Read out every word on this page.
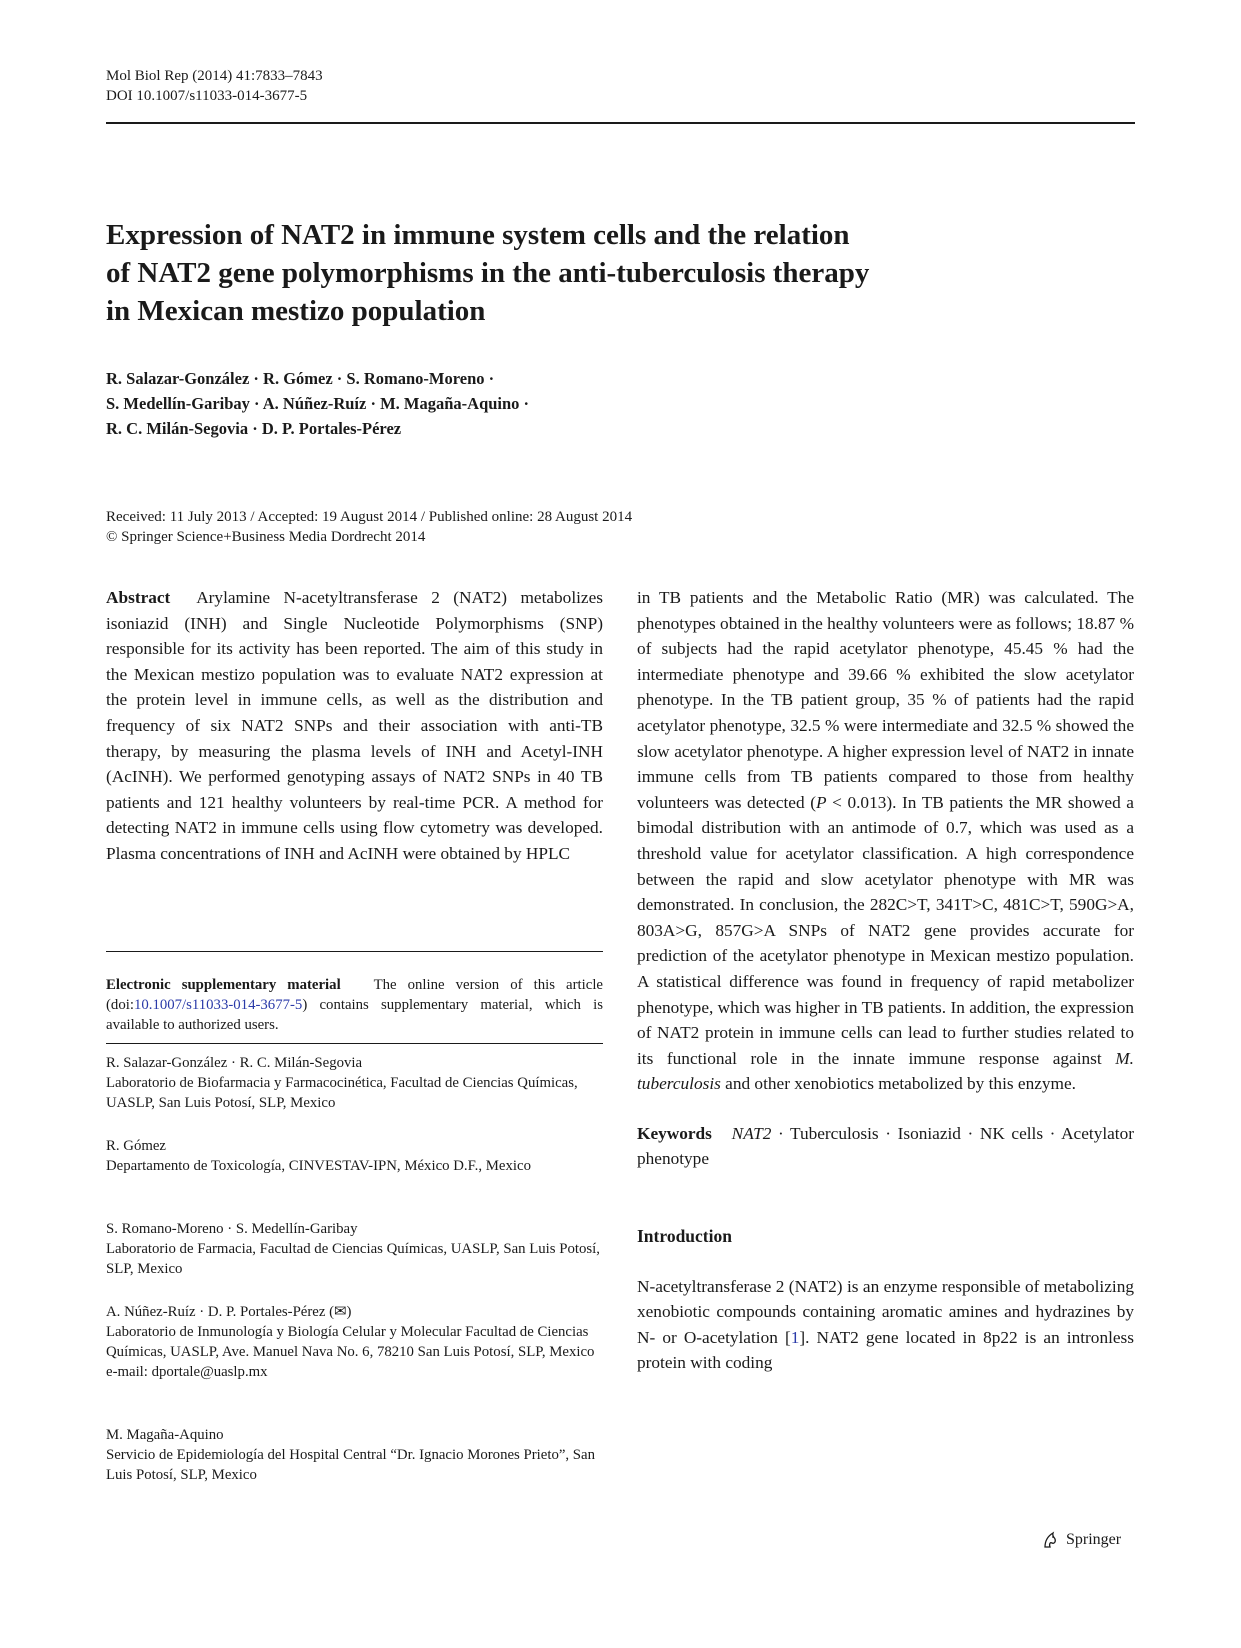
Mol Biol Rep (2014) 41:7833–7843
DOI 10.1007/s11033-014-3677-5
Expression of NAT2 in immune system cells and the relation
of NAT2 gene polymorphisms in the anti-tuberculosis therapy
in Mexican mestizo population
R. Salazar-González · R. Gómez · S. Romano-Moreno ·
S. Medellín-Garibay · A. Núñez-Ruíz · M. Magaña-Aquino ·
R. C. Milán-Segovia · D. P. Portales-Pérez
Received: 11 July 2013 / Accepted: 19 August 2014 / Published online: 28 August 2014
© Springer Science+Business Media Dordrecht 2014

Abstract Arylamine N-acetyltransferase 2 (NAT2) metabolizes isoniazid (INH) and Single Nucleotide Polymorphisms (SNP) responsible for its activity has been reported. The aim of this study in the Mexican mestizo population was to evaluate NAT2 expression at the protein level in immune cells, as well as the distribution and frequency of six NAT2 SNPs and their association with anti-TB therapy, by measuring the plasma levels of INH and Acetyl-INH (AcINH). We performed genotyping assays of NAT2 SNPs in 40 TB patients and 121 healthy volunteers by real-time PCR. A method for detecting NAT2 in immune cells using flow cytometry was developed. Plasma concentrations of INH and AcINH were obtained by HPLC

Electronic supplementary material The online version of this article (doi:10.1007/s11033-014-3677-5) contains supplementary material, which is available to authorized users.
R. Salazar-González · R. C. Milán-Segovia
Laboratorio de Biofarmacia y Farmacocinética, Facultad de Ciencias Químicas, UASLP, San Luis Potosí, SLP, Mexico
R. Gómez
Departamento de Toxicología, CINVESTAV-IPN, México D.F., Mexico
S. Romano-Moreno · S. Medellín-Garibay
Laboratorio de Farmacia, Facultad de Ciencias Químicas, UASLP, San Luis Potosí, SLP, Mexico
A. Núñez-Ruíz · D. P. Portales-Pérez (✉)
Laboratorio de Inmunología y Biología Celular y Molecular Facultad de Ciencias Químicas, UASLP, Ave. Manuel Nava No. 6, 78210 San Luis Potosí, SLP, Mexico
e-mail: dportale@uaslp.mx
M. Magaña-Aquino
Servicio de Epidemiología del Hospital Central “Dr. Ignacio Morones Prieto”, San Luis Potosí, SLP, Mexico

in TB patients and the Metabolic Ratio (MR) was calculated. The phenotypes obtained in the healthy volunteers were as follows; 18.87 % of subjects had the rapid acetylator phenotype, 45.45 % had the intermediate phenotype and 39.66 % exhibited the slow acetylator phenotype. In the TB patient group, 35 % of patients had the rapid acetylator phenotype, 32.5 % were intermediate and 32.5 % showed the slow acetylator phenotype. A higher expression level of NAT2 in innate immune cells from TB patients compared to those from healthy volunteers was detected (P < 0.013). In TB patients the MR showed a bimodal distribution with an antimode of 0.7, which was used as a threshold value for acetylator classification. A high correspondence between the rapid and slow acetylator phenotype with MR was demonstrated. In conclusion, the 282C>T, 341T>C, 481C>T, 590G>A, 803A>G, 857G>A SNPs of NAT2 gene provides accurate for prediction of the acetylator phenotype in Mexican mestizo population. A statistical difference was found in frequency of rapid metabolizer phenotype, which was higher in TB patients. In addition, the expression of NAT2 protein in immune cells can lead to further studies related to its functional role in the innate immune response against M. tuberculosis and other xenobiotics metabolized by this enzyme.

Keywords NAT2 · Tuberculosis · Isoniazid · NK cells · Acetylator phenotype

Introduction

N-acetyltransferase 2 (NAT2) is an enzyme responsible of metabolizing xenobiotic compounds containing aromatic amines and hydrazines by N- or O-acetylation [1]. NAT2 gene located in 8p22 is an intronless protein with coding

Springer
